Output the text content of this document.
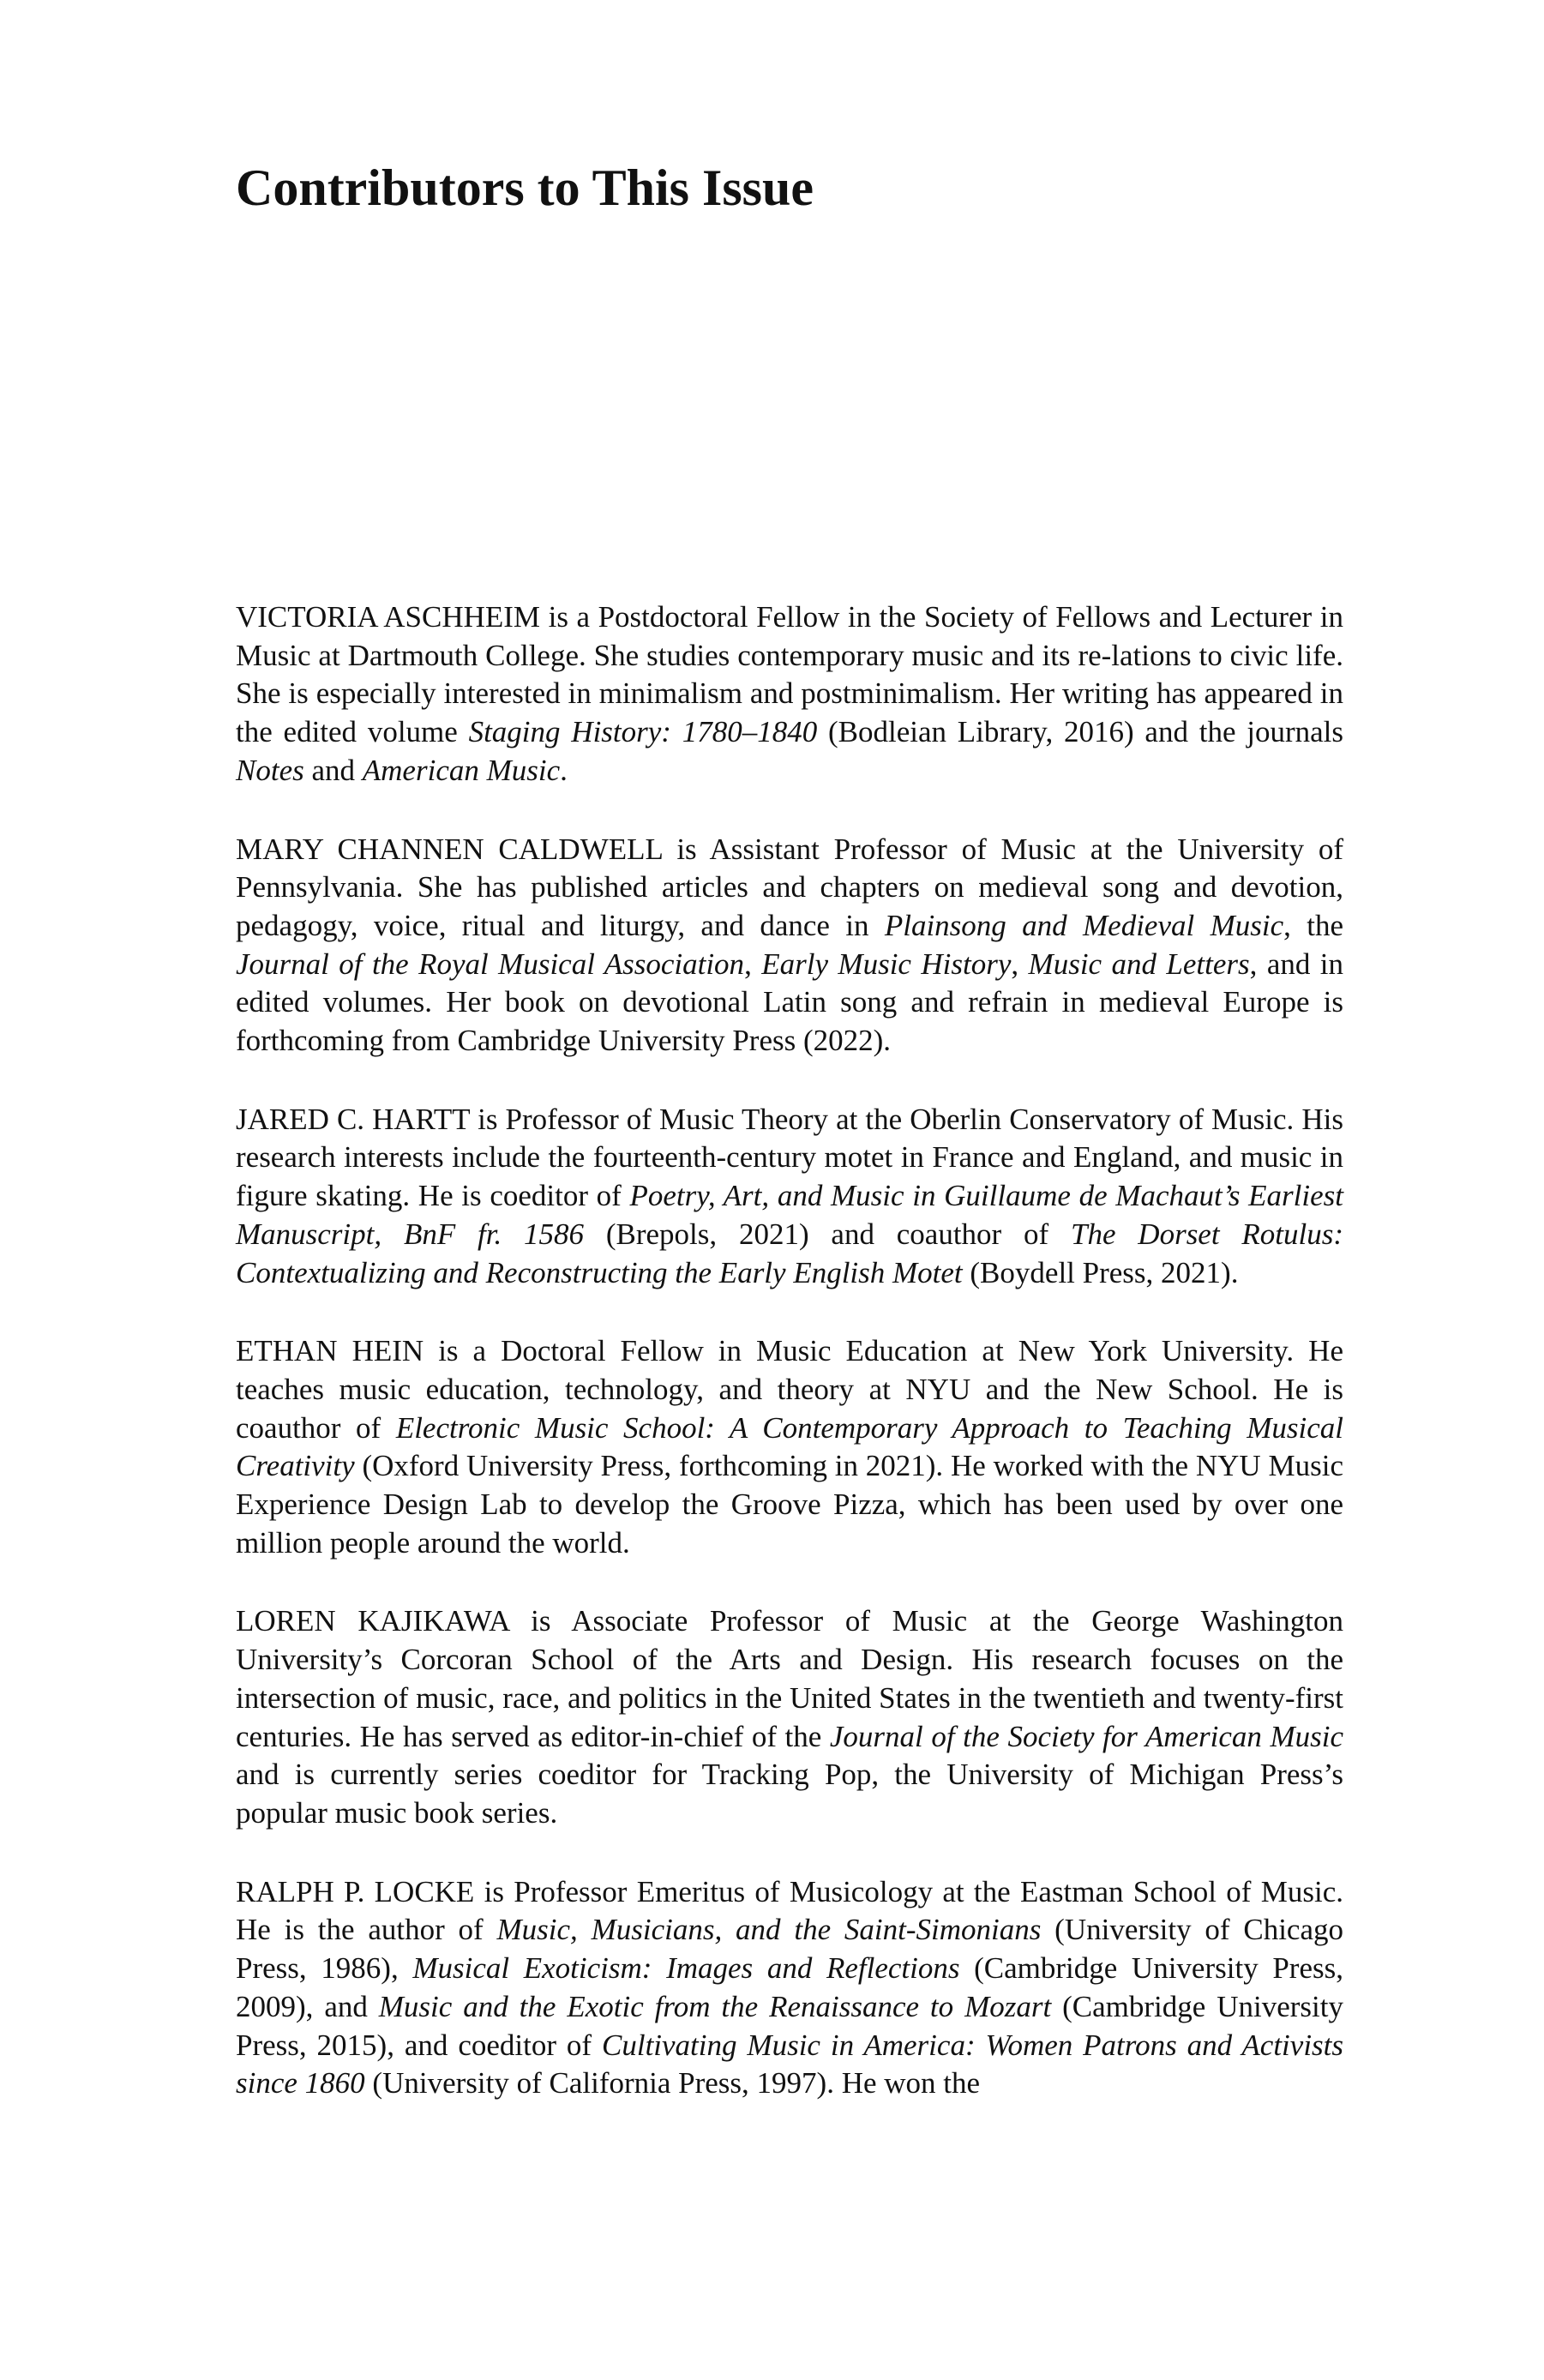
Contributors to This Issue

VICTORIA ASCHHEIM is a Postdoctoral Fellow in the Society of Fellows and Lecturer in Music at Dartmouth College. She studies contemporary music and its re-lations to civic life. She is especially interested in minimalism and postminimalism. Her writing has appeared in the edited volume Staging History: 1780–1840 (Bodleian Library, 2016) and the journals Notes and American Music.

MARY CHANNEN CALDWELL is Assistant Professor of Music at the University of Pennsylvania. She has published articles and chapters on medieval song and devotion, pedagogy, voice, ritual and liturgy, and dance in Plainsong and Medieval Music, the Journal of the Royal Musical Association, Early Music History, Music and Letters, and in edited volumes. Her book on devotional Latin song and refrain in medieval Europe is forthcoming from Cambridge University Press (2022).

JARED C. HARTT is Professor of Music Theory at the Oberlin Conservatory of Music. His research interests include the fourteenth-century motet in France and England, and music in figure skating. He is coeditor of Poetry, Art, and Music in Guillaume de Machaut’s Earliest Manuscript, BnF fr. 1586 (Brepols, 2021) and coauthor of The Dorset Rotulus: Contextualizing and Reconstructing the Early English Motet (Boydell Press, 2021).

ETHAN HEIN is a Doctoral Fellow in Music Education at New York University. He teaches music education, technology, and theory at NYU and the New School. He is coauthor of Electronic Music School: A Contemporary Approach to Teaching Musical Creativity (Oxford University Press, forthcoming in 2021). He worked with the NYU Music Experience Design Lab to develop the Groove Pizza, which has been used by over one million people around the world.

LOREN KAJIKAWA is Associate Professor of Music at the George Washington University’s Corcoran School of the Arts and Design. His research focuses on the intersection of music, race, and politics in the United States in the twentieth and twenty-first centuries. He has served as editor-in-chief of the Journal of the Society for American Music and is currently series coeditor for Tracking Pop, the University of Michigan Press’s popular music book series.

RALPH P. LOCKE is Professor Emeritus of Musicology at the Eastman School of Music. He is the author of Music, Musicians, and the Saint-Simonians (University of Chicago Press, 1986), Musical Exoticism: Images and Reflections (Cambridge University Press, 2009), and Music and the Exotic from the Renaissance to Mozart (Cambridge University Press, 2015), and coeditor of Cultivating Music in America: Women Patrons and Activists since 1860 (University of California Press, 1997). He won the
